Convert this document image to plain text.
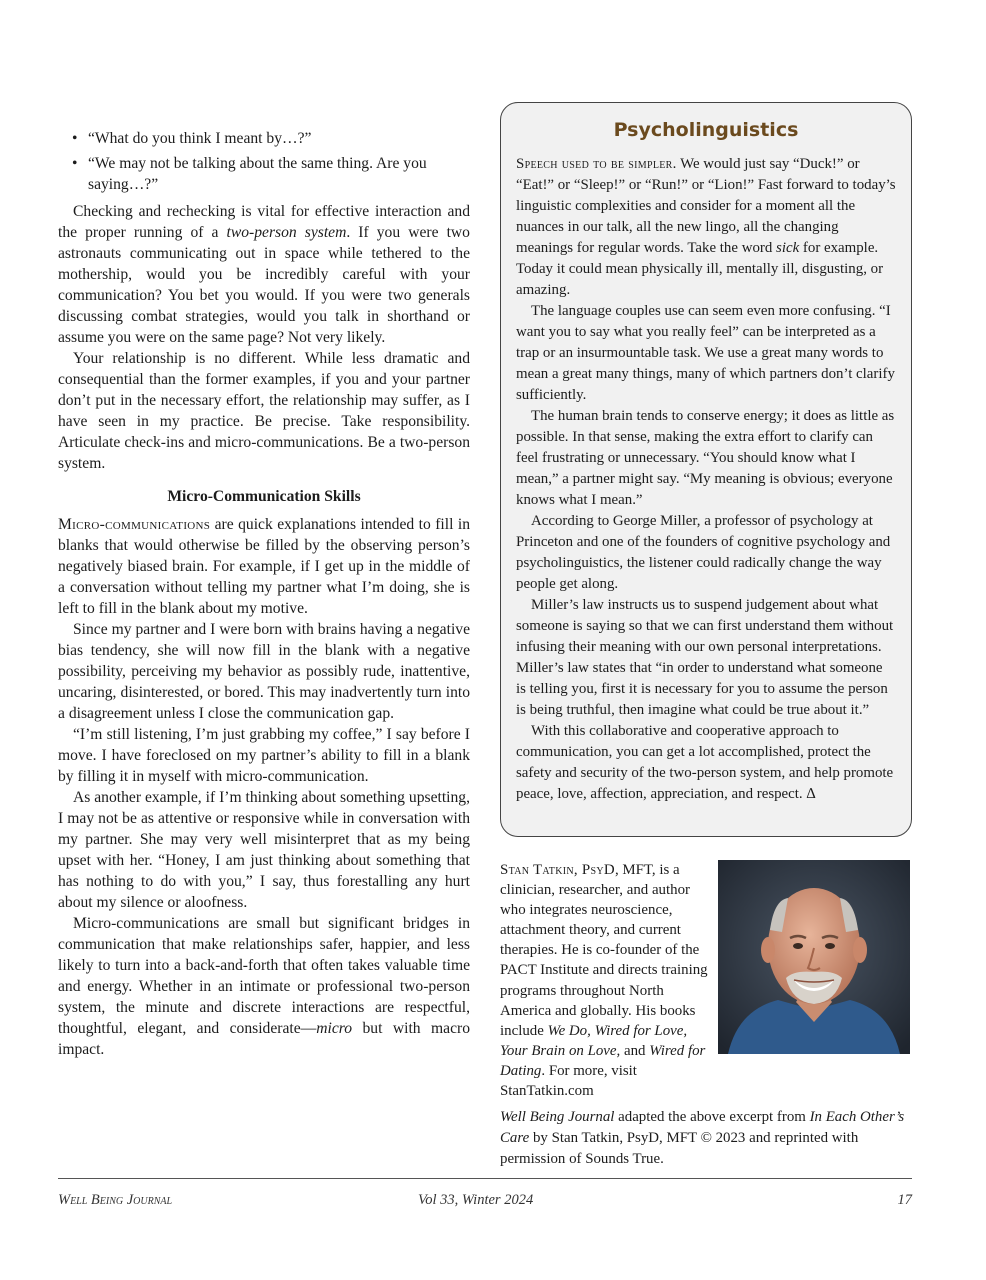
• “What do you think I meant by…?”
• “We may not be talking about the same thing. Are you saying…?”

Checking and rechecking is vital for effective interaction and the proper running of a two-person system. If you were two astronauts communicating out in space while tethered to the mothership, would you be incredibly careful with your communication? You bet you would. If you were two generals discussing combat strategies, would you talk in shorthand or assume you were on the same page? Not very likely.

Your relationship is no different. While less dramatic and consequential than the former examples, if you and your partner don’t put in the necessary effort, the relationship may suffer, as I have seen in my practice. Be precise. Take responsibility. Articulate check-ins and micro-communications. Be a two-person system.

Micro-Communication Skills

Micro-communications are quick explanations intended to fill in blanks that would otherwise be filled by the observing person’s negatively biased brain. For example, if I get up in the middle of a conversation without telling my partner what I’m doing, she is left to fill in the blank about my motive.

Since my partner and I were born with brains having a negative bias tendency, she will now fill in the blank with a negative possibility, perceiving my behavior as possibly rude, inattentive, uncaring, disinterested, or bored. This may inadvertently turn into a disagreement unless I close the communication gap.

“I’m still listening, I’m just grabbing my coffee,” I say before I move. I have foreclosed on my partner’s ability to fill in a blank by filling it in myself with micro-communication.

As another example, if I’m thinking about something upsetting, I may not be as attentive or responsive while in conversation with my partner. She may very well misinterpret that as my being upset with her. “Honey, I am just thinking about something that has nothing to do with you,” I say, thus forestalling any hurt about my silence or aloofness.

Micro-communications are small but significant bridges in communication that make relationships safer, happier, and less likely to turn into a back-and-forth that often takes valuable time and energy. Whether in an intimate or professional two-person system, the minute and discrete interactions are respectful, thoughtful, elegant, and considerate—micro but with macro impact.

Psycholinguistics

Speech used to be simpler. We would just say “Duck!” or “Eat!” or “Sleep!” or “Run!” or “Lion!” Fast forward to today’s linguistic complexities and consider for a moment all the nuances in our talk, all the new lingo, all the changing meanings for regular words. Take the word sick for example. Today it could mean physically ill, mentally ill, disgusting, or amazing.

The language couples use can seem even more confusing. “I want you to say what you really feel” can be interpreted as a trap or an insurmountable task. We use a great many words to mean a great many things, many of which partners don’t clarify sufficiently.

The human brain tends to conserve energy; it does as little as possible. In that sense, making the extra effort to clarify can feel frustrating or unnecessary. “You should know what I mean,” a partner might say. “My meaning is obvious; everyone knows what I mean.”

According to George Miller, a professor of psychology at Princeton and one of the founders of cognitive psychology and psycholinguistics, the listener could radically change the way people get along.

Miller’s law instructs us to suspend judgement about what someone is saying so that we can first understand them without infusing their meaning with our own personal interpretations. Miller’s law states that “in order to understand what someone is telling you, first it is necessary for you to assume the person is being truthful, then imagine what could be true about it.”

With this collaborative and cooperative approach to communication, you can get a lot accomplished, protect the safety and security of the two-person system, and help promote peace, love, affection, appreciation, and respect. ∆

Stan Tatkin, PsyD, MFT, is a clinician, researcher, and author who integrates neuroscience, attachment theory, and current therapies. He is co-founder of the PACT Institute and directs training programs throughout North America and globally. His books include We Do, Wired for Love, Your Brain on Love, and Wired for Dating. For more, visit StanTatkin.com

Well Being Journal adapted the above excerpt from In Each Other’s Care by Stan Tatkin, PsyD, MFT © 2023 and reprinted with permission of Sounds True.

Well Being Journal	Vol 33, Winter 2024	17
